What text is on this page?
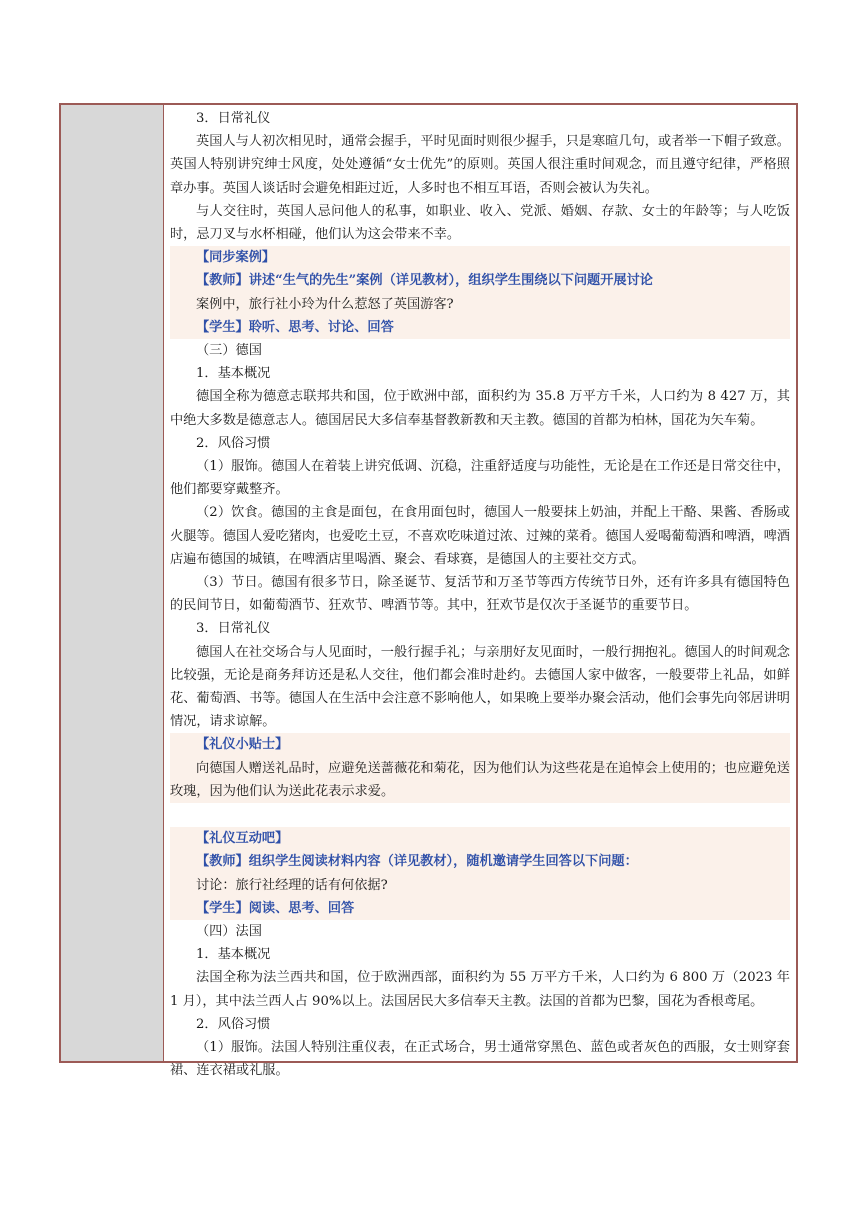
3．日常礼仪

英国人与人初次相见时，通常会握手，平时见面时则很少握手，只是寒暄几句，或者举一下帽子致意。英国人特别讲究绅士风度，处处遵循“女士优先”的原则。英国人很注重时间观念，而且遵守纪律，严格照章办事。英国人谈话时会避免相距过近，人多时也不相互耳语，否则会被认为失礼。

与人交往时，英国人忌问他人的私事，如职业、收入、党派、婚姻、存款、女士的年龄等；与人吃饭时，忌刀叉与水杯相碰，他们认为这会带来不幸。

【同步案例】

【教师】讲述“生气的先生”案例（详见教材），组织学生围绕以下问题开展讨论

案例中，旅行社小玲为什么惹怒了英国游客?

【学生】聆听、思考、讨论、回答

（三）德国

1．基本概况

德国全称为德意志联邦共和国，位于欧洲中部，面积约为 35.8 万平方千米，人口约为 8 427 万，其中绝大多数是德意志人。德国居民大多信奉基督教新教和天主教。德国的首都为柏林，国花为矢车菊。

2．风俗习惯

（1）服饰。德国人在着装上讲究低调、沉稳，注重舒适度与功能性，无论是在工作还是日常交往中，他们都要穿戴整齐。

（2）饮食。德国的主食是面包，在食用面包时，德国人一般要抹上奶油，并配上干酪、果酱、香肠或火腿等。德国人爱吃猪肉，也爱吃土豆，不喜欢吃味道过浓、过辣的菜肴。德国人爱喝葡萄酒和啤酒，啤酒店遍布德国的城镇，在啤酒店里喝酒、聚会、看球赛，是德国人的主要社交方式。

（3）节日。德国有很多节日，除圣诞节、复活节和万圣节等西方传统节日外，还有许多具有德国特色的民间节日，如葡萄酒节、狂欢节、啤酒节等。其中，狂欢节是仅次于圣诞节的重要节日。

3．日常礼仪

德国人在社交场合与人见面时，一般行握手礼；与亲朋好友见面时，一般行拥抱礼。德国人的时间观念比较强，无论是商务拜访还是私人交往，他们都会准时赴约。去德国人家中做客，一般要带上礼品，如鲜花、葡萄酒、书等。德国人在生活中会注意不影响他人，如果晚上要举办聚会活动，他们会事先向邻居讲明情况，请求谅解。

【礼仪小贴士】

向德国人赠送礼品时，应避免送蔷薇花和菊花，因为他们认为这些花是在追悼会上使用的；也应避免送玫瑰，因为他们认为送此花表示求爱。

【礼仪互动吧】

【教师】组织学生阅读材料内容（详见教材），随机邀请学生回答以下问题：

讨论：旅行社经理的话有何依据?

【学生】阅读、思考、回答

（四）法国

1．基本概况

法国全称为法兰西共和国，位于欧洲西部，面积约为 55 万平方千米，人口约为 6 800 万（2023 年 1 月），其中法兰西人占 90%以上。法国居民大多信奉天主教。法国的首都为巴黎，国花为香根鸢尾。

2．风俗习惯

（1）服饰。法国人特别注重仪表，在正式场合，男士通常穿黑色、蓝色或者灰色的西服，女士则穿套裙、连衣裙或礼服。
